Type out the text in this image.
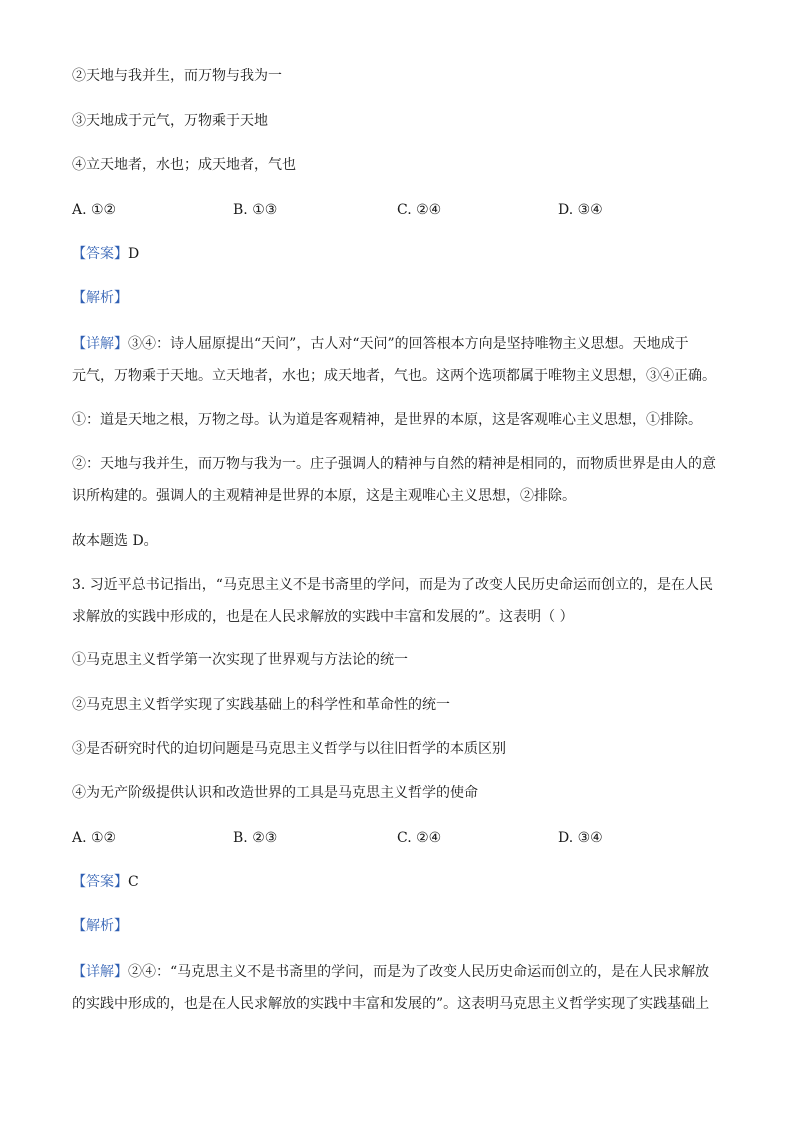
②天地与我并生，而万物与我为一
③天地成于元气，万物乘于天地
④立天地者，水也；成天地者，气也
A. ①②	B. ①③	C. ②④	D. ③④
【答案】D
【解析】
【详解】③④：诗人屈原提出“天问”，古人对“天问”的回答根本方向是坚持唯物主义思想。天地成于
元气，万物乘于天地。立天地者，水也；成天地者，气也。这两个选项都属于唯物主义思想，③④正确。
①：道是天地之根，万物之母。认为道是客观精神，是世界的本原，这是客观唯心主义思想，①排除。
②：天地与我并生，而万物与我为一。庄子强调人的精神与自然的精神是相同的，而物质世界是由人的意
识所构建的。强调人的主观精神是世界的本原，这是主观唯心主义思想，②排除。
故本题选 D。
3. 习近平总书记指出，“马克思主义不是书斋里的学问，而是为了改变人民历史命运而创立的，是在人民
求解放的实践中形成的，也是在人民求解放的实践中丰富和发展的”。这表明（ ）
①马克思主义哲学第一次实现了世界观与方法论的统一
②马克思主义哲学实现了实践基础上的科学性和革命性的统一
③是否研究时代的迫切问题是马克思主义哲学与以往旧哲学的本质区别
④为无产阶级提供认识和改造世界的工具是马克思主义哲学的使命
A. ①②	B. ②③	C. ②④	D. ③④
【答案】C
【解析】
【详解】②④：“马克思主义不是书斋里的学问，而是为了改变人民历史命运而创立的，是在人民求解放
的实践中形成的，也是在人民求解放的实践中丰富和发展的”。这表明马克思主义哲学实现了实践基础上
